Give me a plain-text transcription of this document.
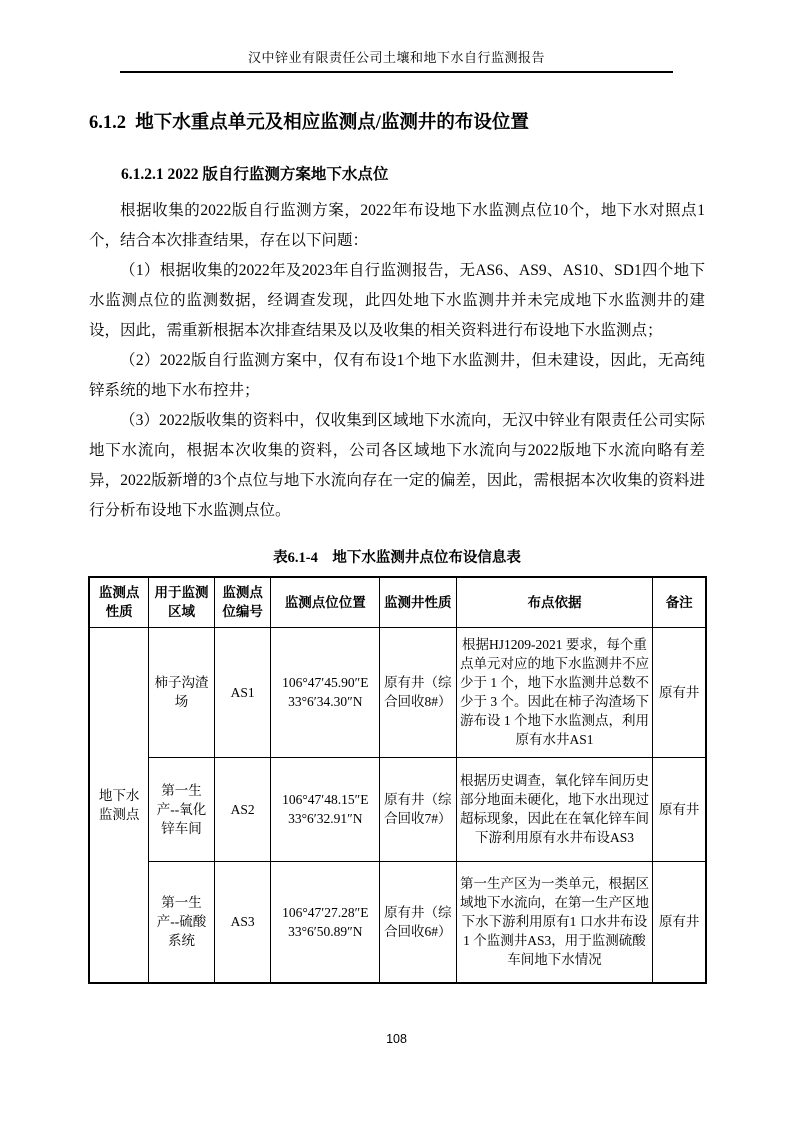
汉中锌业有限责任公司土壤和地下水自行监测报告
6.1.2  地下水重点单元及相应监测点/监测井的布设位置
6.1.2.1 2022 版自行监测方案地下水点位

根据收集的2022版自行监测方案，2022年布设地下水监测点位10个，地下水对照点1个，结合本次排查结果，存在以下问题：

（1）根据收集的2022年及2023年自行监测报告，无AS6、AS9、AS10、SD1四个地下水监测点位的监测数据，经调查发现，此四处地下水监测井并未完成地下水监测井的建设，因此，需重新根据本次排查结果及以及收集的相关资料进行布设地下水监测点；

（2）2022版自行监测方案中，仅有布设1个地下水监测井，但未建设，因此，无高纯锌系统的地下水布控井；

（3）2022版收集的资料中，仅收集到区域地下水流向，无汉中锌业有限责任公司实际地下水流向，根据本次收集的资料，公司各区域地下水流向与2022版地下水流向略有差异，2022版新增的3个点位与地下水流向存在一定的偏差，因此，需根据本次收集的资料进行分析布设地下水监测点位。

表6.1-4　地下水监测井点位布设信息表
监测点性质	用于监测区域	监测点位编号	监测点位位置	监测井性质	布点依据	备注
地下水监测点	柿子沟渣场	AS1	106°47′45.90″E
33°6′34.30″N	原有井（综合回收8#）	根据HJ1209-2021 要求，每个重点单元对应的地下水监测井不应少于 1 个，地下水监测井总数不少于 3 个。因此在柿子沟渣场下游布设 1 个地下水监测点，利用原有水井AS1	原有井
	第一生产--氧化锌车间	AS2	106°47′48.15″E
33°6′32.91″N	原有井（综合回收7#）	根据历史调查，氧化锌车间历史部分地面未硬化，地下水出现过超标现象，因此在在氧化锌车间下游利用原有水井布设AS3	原有井
	第一生产--硫酸系统	AS3	106°47′27.28″E
33°6′50.89″N	原有井（综合回收6#）	第一生产区为一类单元，根据区域地下水流向，在第一生产区地下水下游利用原有1 口水井布设 1 个监测井AS3，用于监测硫酸车间地下水情况	原有井
108
